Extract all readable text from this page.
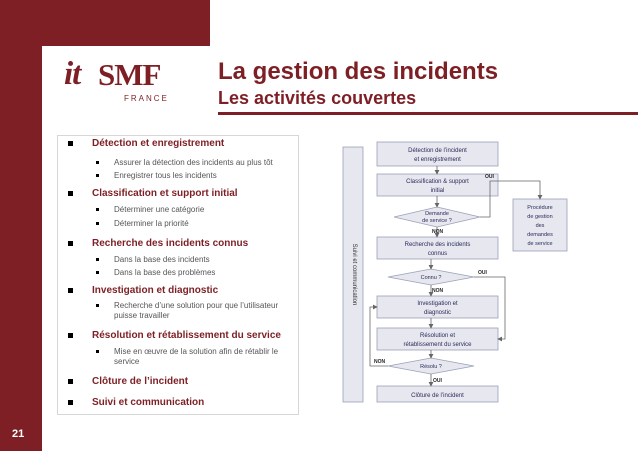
it SMF
FRANCE
La gestion des incidents
Les activités couvertes
Détection et enregistrement
Assurer la détection des incidents au plus tôt
Enregistrer tous les incidents
Classification et support initial
Déterminer une catégorie
Déterminer la priorité
Recherche des incidents connus
Dans la base des incidents
Dans la base des problèmes
Investigation et diagnostic
Recherche d’une solution pour que l’utilisateur puisse travailler
Résolution et rétablissement du service
Mise en œuvre de la solution afin de rétablir le service
Clôture de l’incident
Suivi et communication
Suivi et communication
Détection de l’incident
et enregistrement
Classification & support
initial
Demande
de service ?
Recherche des incidents
connus
Connu ?
Investigation et
diagnostic
Résolution et
rétablissement du service
Résolu ?
Clôture de l’incident
Procédure
de gestion
des
demandes
de service
OUI
NON
OUI
NON
NON
OUI
21
